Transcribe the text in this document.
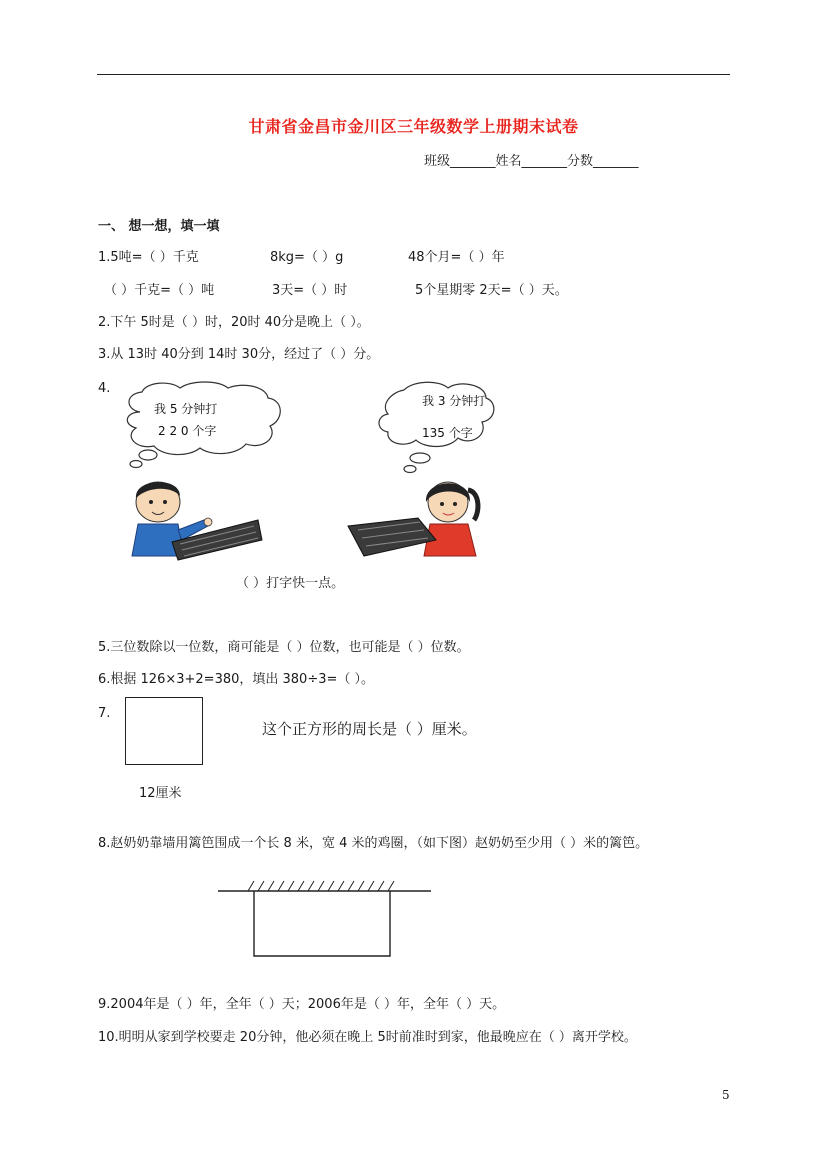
甘肃省金昌市金川区三年级数学上册期末试卷
班级_______姓名_______分数_______
一、 想一想，填一填
1.5吨=（ ）千克	8kg=（ ）g	48个月=（ ）年
（ ）千克=（ ）吨	3天=（ ）时	5个星期零 2天=（ ）天。
2.下午 5时是（ ）时，20时 40分是晚上（ ）。
3.从 13时 40分到 14时 30分，经过了（ ）分。
4.
我 5 分钟打
2 2 0 个字
我 3 分钟打
135 个字
（ ）打字快一点。
5.三位数除以一位数，商可能是（ ）位数，也可能是（ ）位数。
6.根据 126×3+2=380，填出 380÷3=（ ）。
7.
这个正方形的周长是（ ）厘米。
12厘米
8.赵奶奶靠墙用篱笆围成一个长 8 米，宽 4 米的鸡圈，（如下图）赵奶奶至少用（ ）米的篱笆。
9.2004年是（ ）年，全年（ ）天；2006年是（ ）年，全年（ ）天。
10.明明从家到学校要走 20分钟，他必须在晚上 5时前准时到家，他最晚应在（ ）离开学校。
5
